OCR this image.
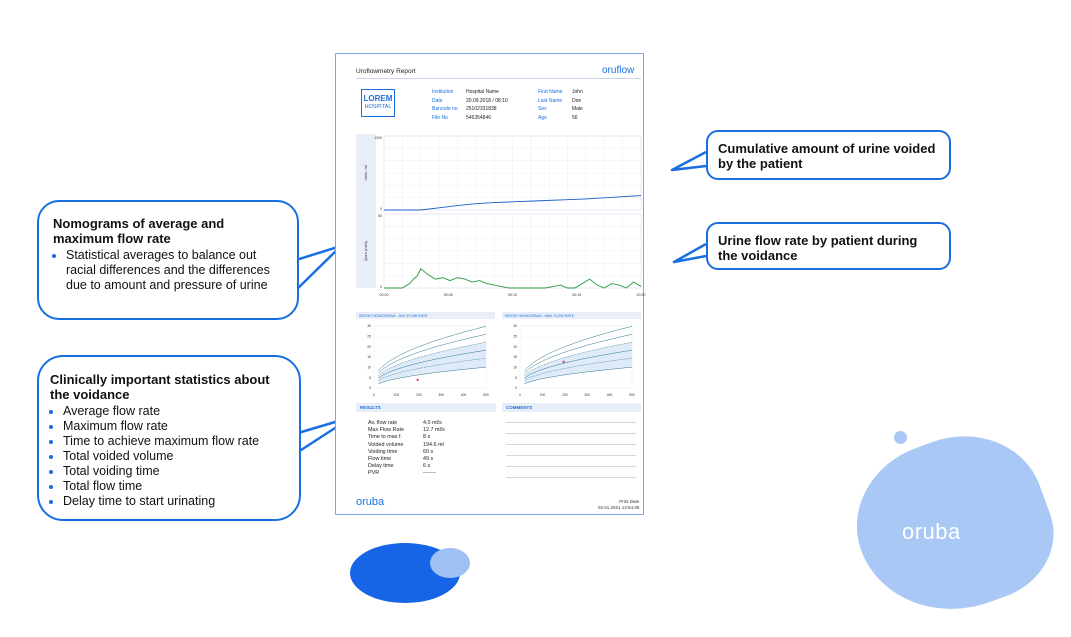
oruba
Uroflowmetry Report	oruflow
LOREM
HOSPITAL
Institution	Hospital Name
Date	20.09.2018 / 08:10
Barcode no 25102331838
File No	546354846
First Name John
Last Name Doe
Sex	Male
Age	56
1000
0
Vmic. ml
50
0
Qura (ml/s)
00:00	00:05	00:10	00:15	00:20
SIROKY NOMOGRAM - AVG FLOW RATE
0
5
10
15
20
25
30
0	100	200	300	400	500
SIROKY NOMOGRAM - MAX FLOW RATE
0
5
10
15
20
25
30
0	100	200	300	400	500
RESULTS	COMMENTS
Av. flow rate	4.0 ml/s
Max Flow Rate	12.7 ml/s
Time to max f.	8 s
Voided volume	194.6 ml
Voiding time	60 s
Flow time	49 s
Delay time	6 s
PVR	-------
oruba	Print Date
02.01.2021 13:54:38
Cumulative amount of urine voided by the patient
Urine flow rate by patient during the voidance
Nomograms of average and maximum flow rate
• Statistical averages to balance out racial differences and the differences due to amount and pressure of urine
Clinically important statistics about the voidance
• Average flow rate
• Maximum flow rate
• Time to achieve maximum flow rate
• Total voided volume
• Total voiding time
• Total flow time
• Delay time to start urinating
